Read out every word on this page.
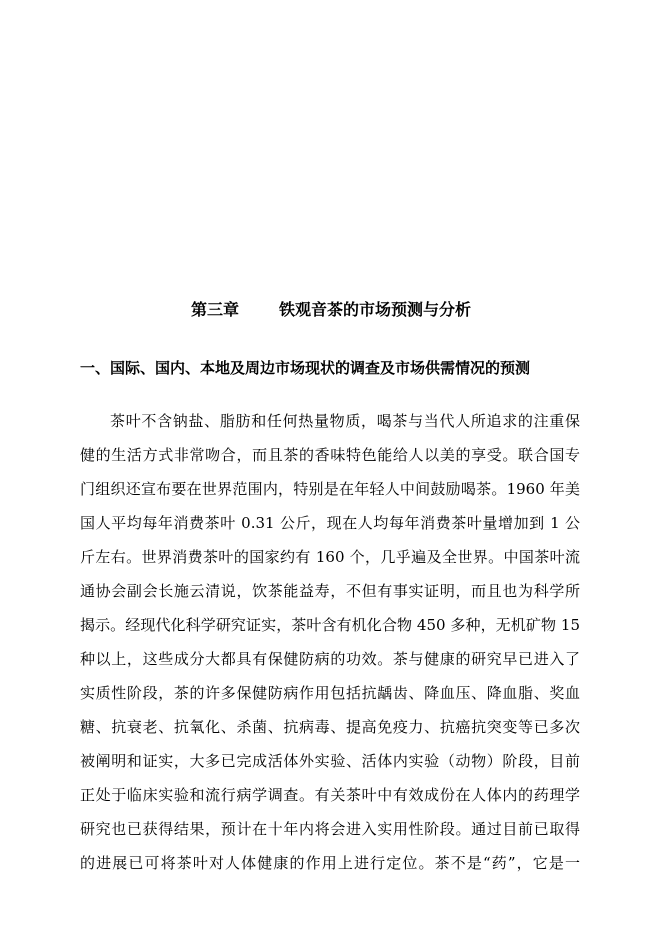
第三章	铁观音茶的市场预测与分析
一、国际、国内、本地及周边市场现状的调查及市场供需情况的预测
茶叶不含钠盐、脂肪和任何热量物质，喝茶与当代人所追求的注重保
健的生活方式非常吻合，而且茶的香味特色能给人以美的享受。联合国专
门组织还宣布要在世界范围内，特别是在年轻人中间鼓励喝茶。1960 年美
国人平均每年消费茶叶 0.31 公斤，现在人均每年消费茶叶量增加到 1 公
斤左右。世界消费茶叶的国家约有 160 个，几乎遍及全世界。中国茶叶流
通协会副会长施云清说，饮茶能益寿，不但有事实证明，而且也为科学所
揭示。经现代化科学研究证实，茶叶含有机化合物 450 多种，无机矿物 15
种以上，这些成分大都具有保健防病的功效。茶与健康的研究早已进入了
实质性阶段，茶的许多保健防病作用包括抗龋齿、降血压、降血脂、奖血
糖、抗衰老、抗氧化、杀菌、抗病毒、提高免疫力、抗癌抗突变等已多次
被阐明和证实，大多已完成活体外实验、活体内实验（动物）阶段，目前
正处于临床实验和流行病学调查。有关茶叶中有效成份在人体内的药理学
研究也已获得结果，预计在十年内将会进入实用性阶段。通过目前已取得
的进展已可将茶叶对人体健康的作用上进行定位。茶不是“药”，它是一
